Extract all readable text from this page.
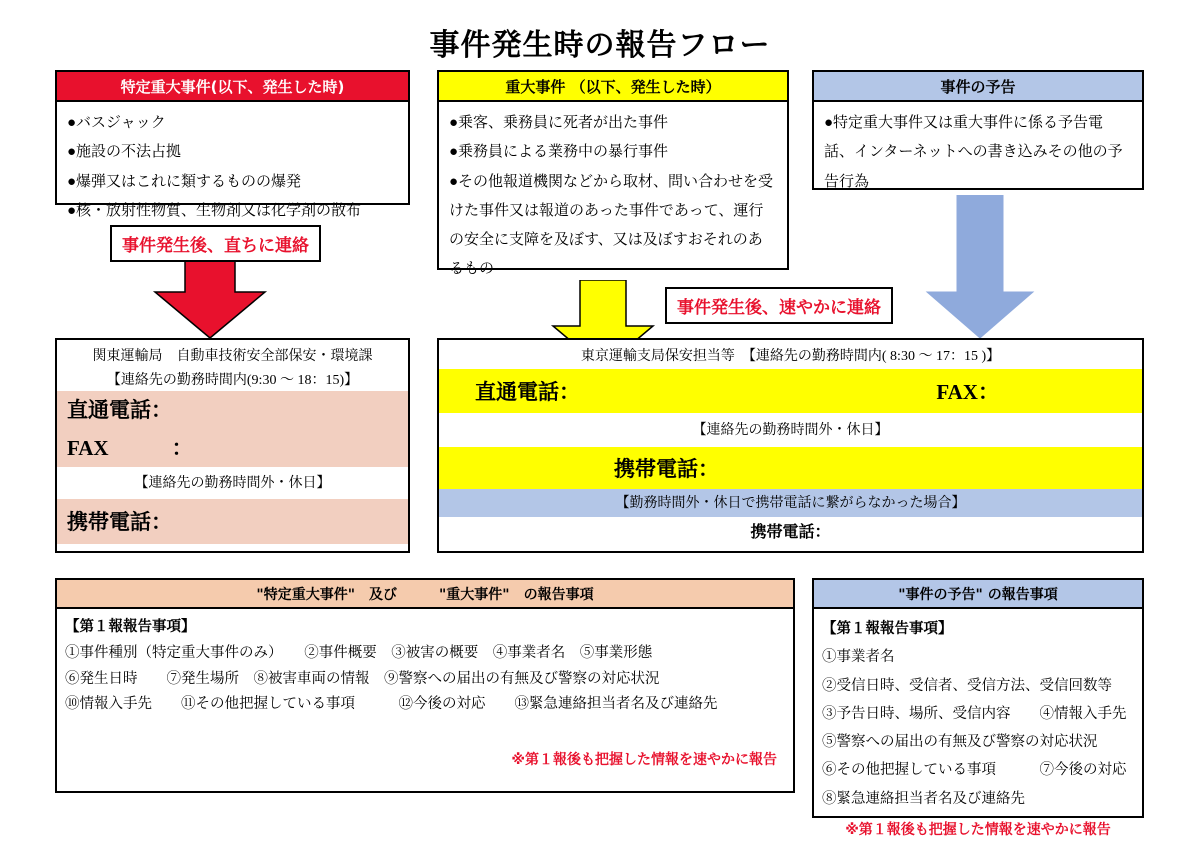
事件発生時の報告フロー
特定重大事件(以下、発生した時)
●バスジャック
●施設の不法占拠
●爆弾又はこれに類するものの爆発
●核・放射性物質、生物剤又は化学剤の散布
重大事件 （以下、発生した時）
●乗客、乗務員に死者が出た事件
●乗務員による業務中の暴行事件
●その他報道機関などから取材、問い合わせを受けた事件又は報道のあった事件であって、運行の安全に支障を及ぼす、又は及ぼすおそれのあるもの
事件の予告
●特定重大事件又は重大事件に係る予告電話、インターネットへの書き込みその他の予告行為
事件発生後、直ちに連絡
事件発生後、速やかに連絡
関東運輸局　自動車技術安全部保安・環境課
【連絡先の勤務時間内(9:30 ～ 18：15)】
直通電話：
FAX　　　：
【連絡先の勤務時間外・休日】
携帯電話：
東京運輸支局保安担当等　【連絡先の勤務時間内( 8:30 ～ 17：15 )】
直通電話：	FAX：
【連絡先の勤務時間外・休日】
携帯電話：
【勤務時間外・休日で携帯電話に繋がらなかった場合】
携帯電話：
"特定重大事件"　及び　　　"重大事件"　の報告事項
【第１報報告事項】
①事件種別（特定重大事件のみ）　　②事件概要　③被害の概要　④事業者名　⑤事業形態
⑥発生日時　　⑦発生場所　⑧被害車両の情報　⑨警察への届出の有無及び警察の対応状況
⑩情報入手先　　⑪その他把握している事項　　　⑫今後の対応　　⑬緊急連絡担当者名及び連絡先
※第１報後も把握した情報を速やかに報告
"事件の予告" の報告事項
【第１報報告事項】
①事業者名
②受信日時、受信者、受信方法、受信回数等
③予告日時、場所、受信内容　　④情報入手先
⑤警察への届出の有無及び警察の対応状況
⑥その他把握している事項　　　⑦今後の対応
⑧緊急連絡担当者名及び連絡先
※第１報後も把握した情報を速やかに報告
